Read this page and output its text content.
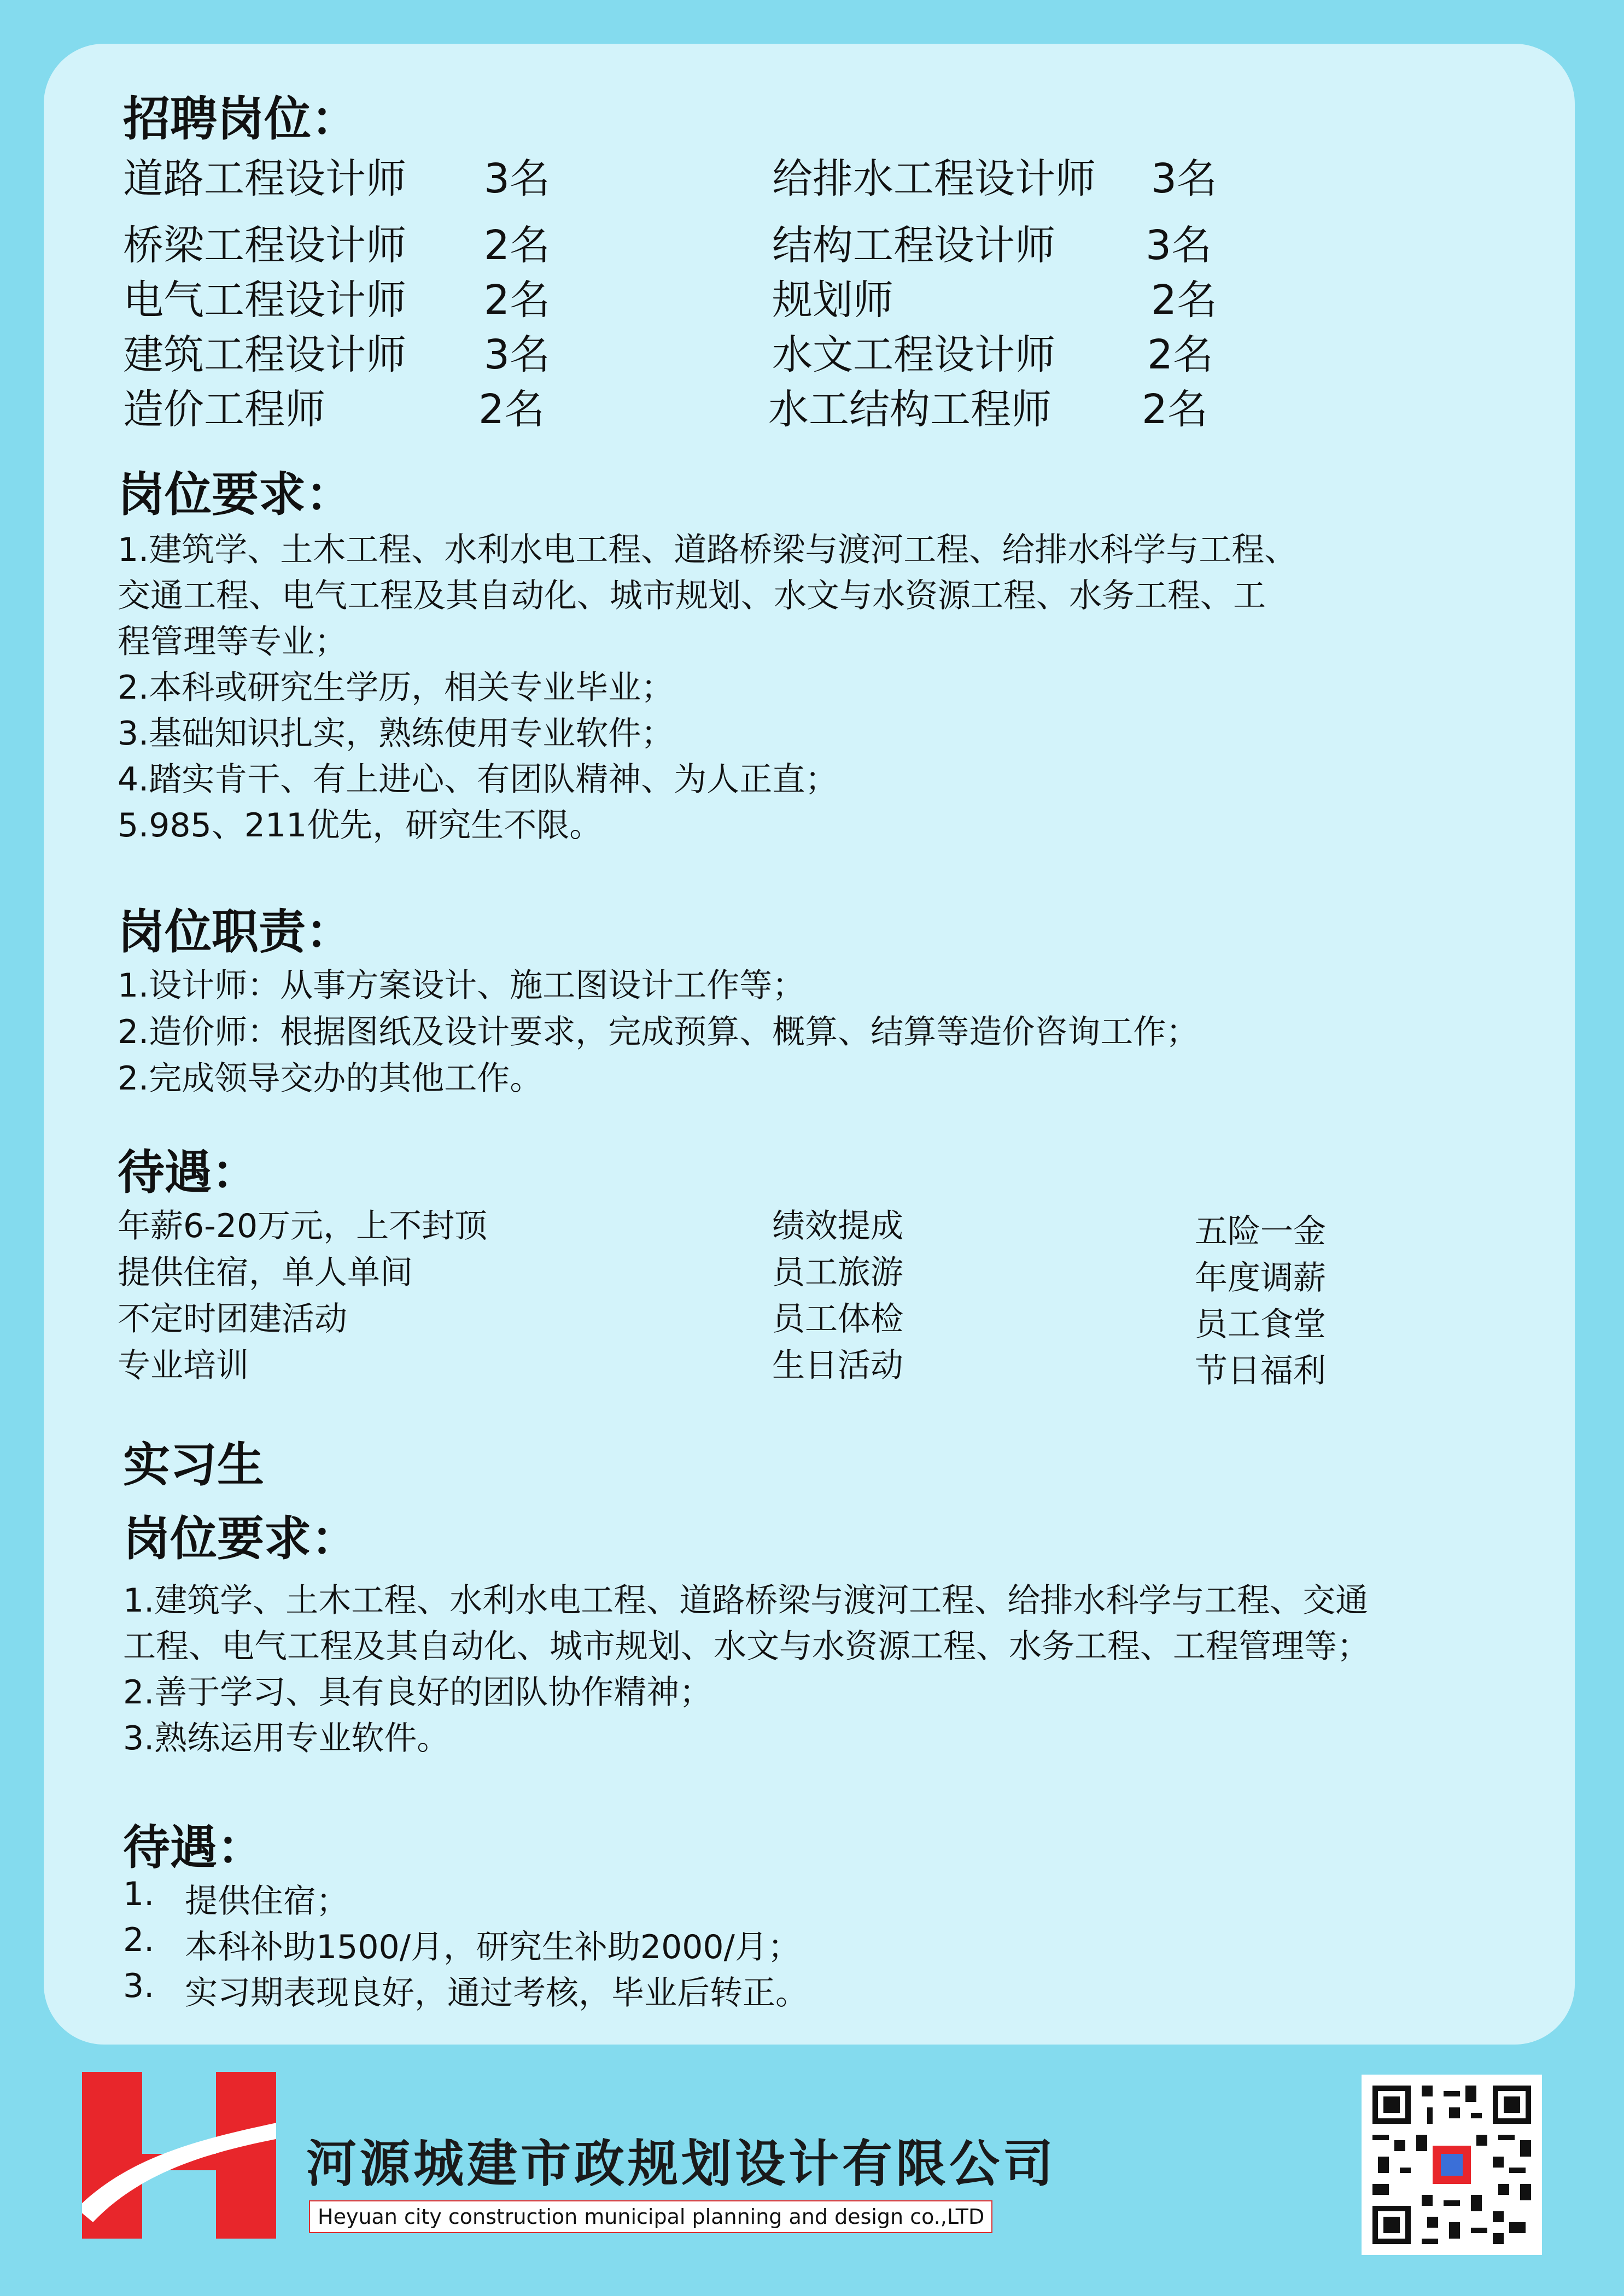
招聘岗位：
道路工程设计师 3名
桥梁工程设计师 2名
电气工程设计师 2名
建筑工程设计师 3名
造价工程师	2名
给排水工程设计师 3名
结构工程设计师 3名
规划师	2名
水文工程设计师 2名
水工结构工程师 2名
岗位要求：
1.建筑学、土木工程、水利水电工程、道路桥梁与渡河工程、给排水科学与工程、
交通工程、电气工程及其自动化、城市规划、水文与水资源工程、水务工程、工
程管理等专业；
2.本科或研究生学历，相关专业毕业；
3.基础知识扎实，熟练使用专业软件；
4.踏实肯干、有上进心、有团队精神、为人正直；
5.985、211优先，研究生不限。
岗位职责：
1.设计师：从事方案设计、施工图设计工作等；
2.造价师：根据图纸及设计要求，完成预算、概算、结算等造价咨询工作；
2.完成领导交办的其他工作。
待遇：
年薪6-20万元，上不封顶
提供住宿，单人单间
不定时团建活动
专业培训
绩效提成
员工旅游
员工体检
生日活动
五险一金
年度调薪
员工食堂
节日福利
实习生
岗位要求：
1.建筑学、土木工程、水利水电工程、道路桥梁与渡河工程、给排水科学与工程、交通
工程、电气工程及其自动化、城市规划、水文与水资源工程、水务工程、工程管理等；
2.善于学习、具有良好的团队协作精神；
3.熟练运用专业软件。
待遇：
1. 提供住宿；
2. 本科补助1500/月，研究生补助2000/月；
3. 实习期表现良好，通过考核，毕业后转正。
河源城建市政规划设计有限公司
Heyuan city construction municipal planning and design co.,LTD
